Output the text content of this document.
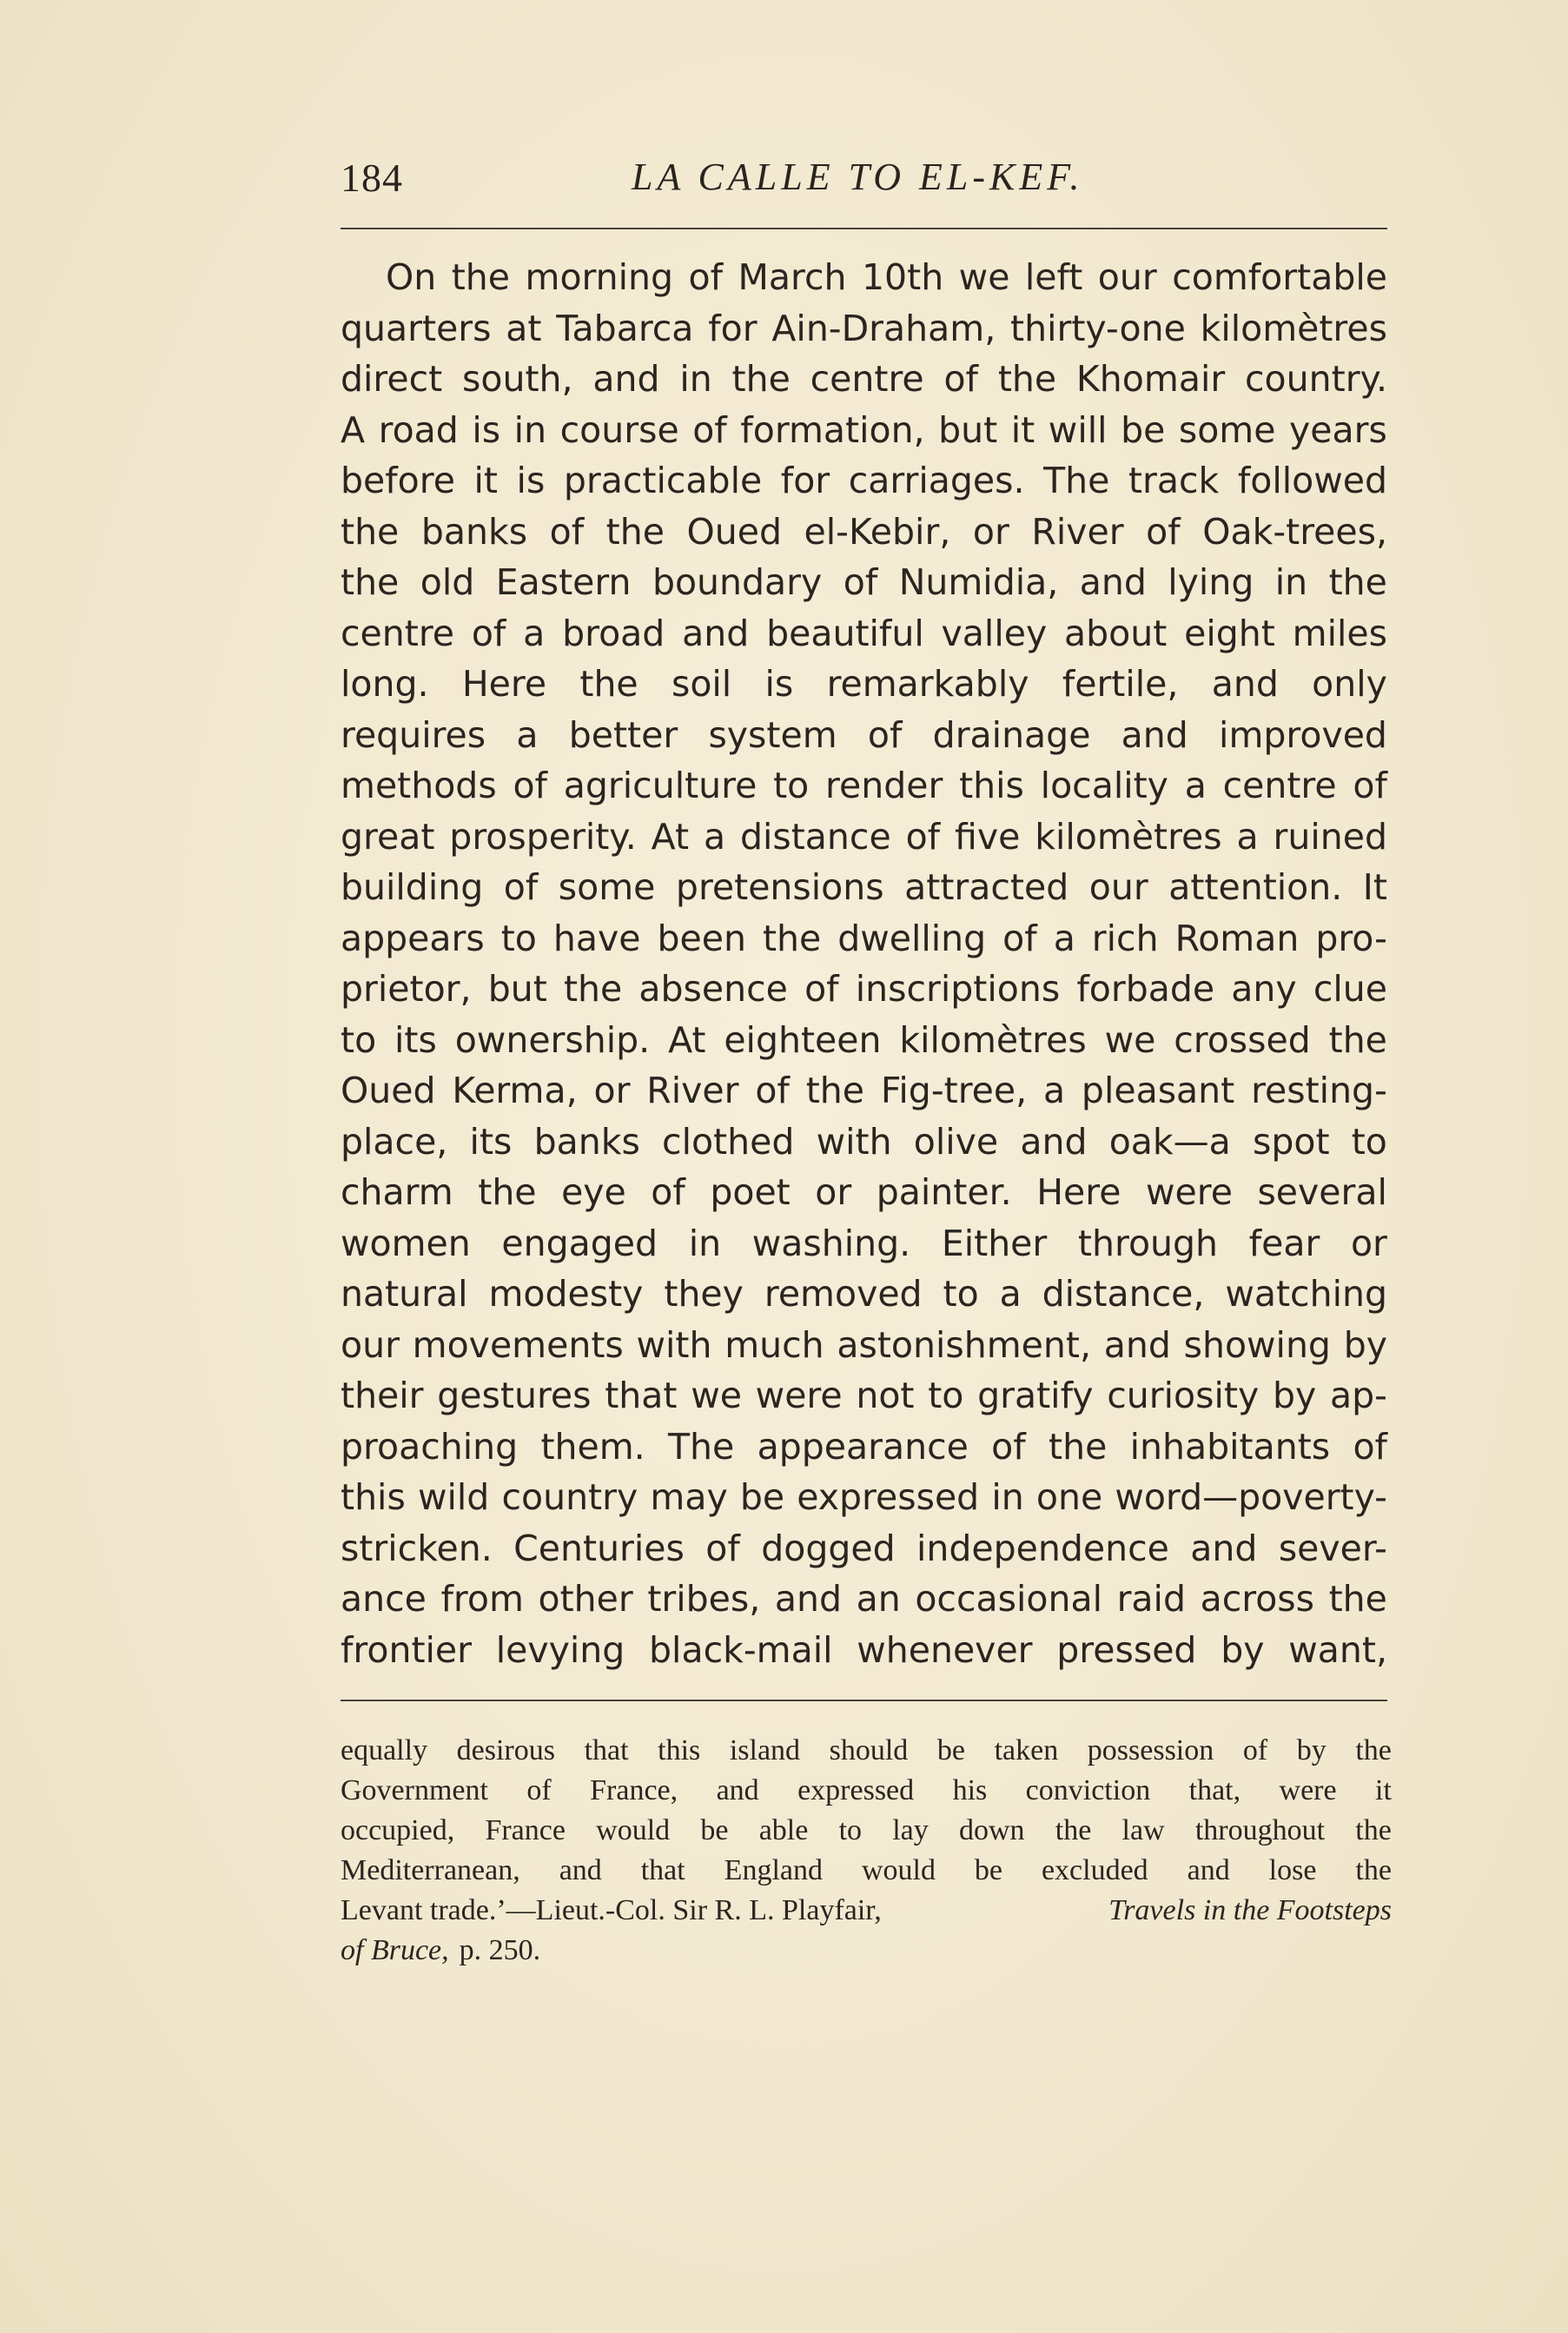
184	LA CALLE TO EL-KEF.
On the morning of March 10th we left our comfortable
quarters at Tabarca for Ain-Draham, thirty-one kilomètres
direct south, and in the centre of the Khomair country.
A road is in course of formation, but it will be some years
before it is practicable for carriages. The track followed
the banks of the Oued el-Kebir, or River of Oak-trees,
the old Eastern boundary of Numidia, and lying in the
centre of a broad and beautiful valley about eight miles
long. Here the soil is remarkably fertile, and only
requires a better system of drainage and improved
methods of agriculture to render this locality a centre of
great prosperity. At a distance of five kilomètres a ruined
building of some pretensions attracted our attention. It
appears to have been the dwelling of a rich Roman pro-
prietor, but the absence of inscriptions forbade any clue
to its ownership. At eighteen kilomètres we crossed the
Oued Kerma, or River of the Fig-tree, a pleasant resting-
place, its banks clothed with olive and oak—a spot to
charm the eye of poet or painter. Here were several
women engaged in washing. Either through fear or
natural modesty they removed to a distance, watching
our movements with much astonishment, and showing by
their gestures that we were not to gratify curiosity by ap-
proaching them. The appearance of the inhabitants of
this wild country may be expressed in one word—poverty-
stricken. Centuries of dogged independence and sever-
ance from other tribes, and an occasional raid across the
frontier levying black-mail whenever pressed by want,
equally desirous that this island should be taken possession of by the
Government of France, and expressed his conviction that, were it
occupied, France would be able to lay down the law throughout the
Mediterranean, and that England would be excluded and lose the
Levant trade.’—Lieut.-Col. Sir R. L. Playfair,	Travels in the Footsteps
of Bruce, p. 250.
